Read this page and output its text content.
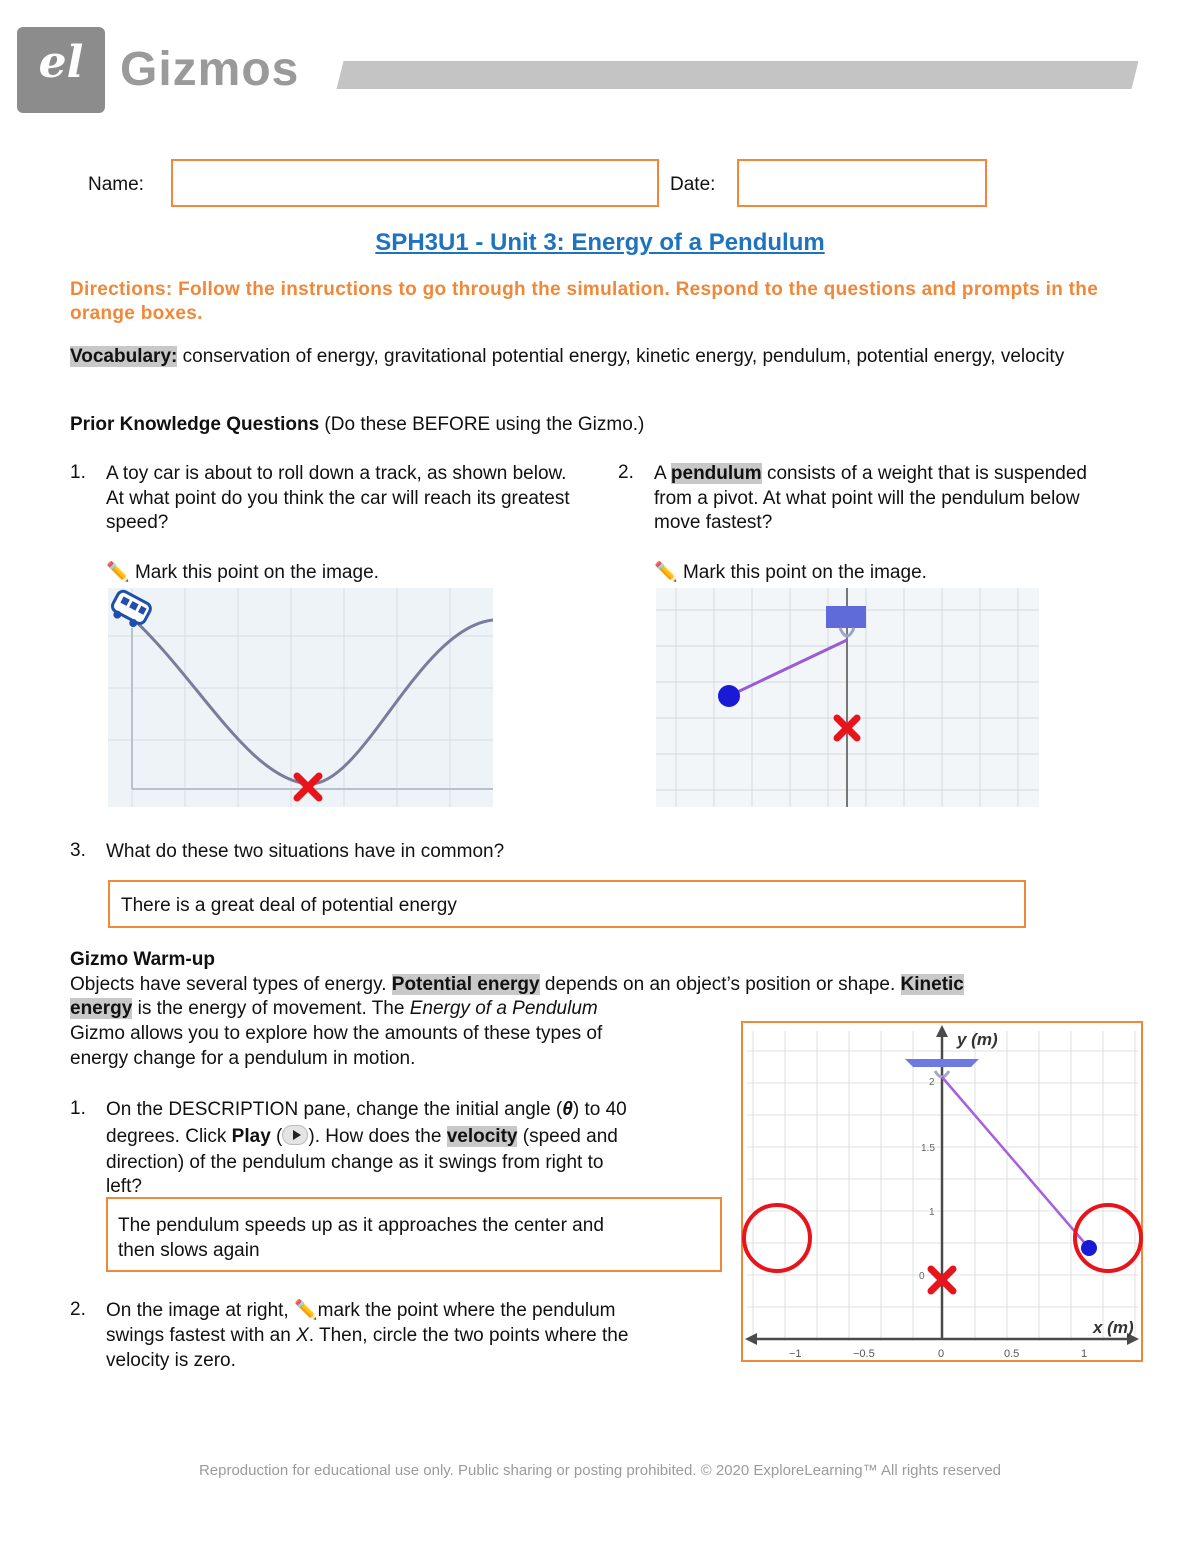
el Gizmos
Name:	Date:
SPH3U1 - Unit 3: Energy of a Pendulum
Directions: Follow the instructions to go through the simulation. Respond to the questions and prompts in the orange boxes.
Vocabulary: conservation of energy, gravitational potential energy, kinetic energy, pendulum, potential energy, velocity
Prior Knowledge Questions (Do these BEFORE using the Gizmo.)
1. A toy car is about to roll down a track, as shown below. At what point do you think the car will reach its greatest speed?
✏️ Mark this point on the image.
2. A pendulum consists of a weight that is suspended from a pivot. At what point will the pendulum below move fastest?
✏️ Mark this point on the image.
3. What do these two situations have in common?
There is a great deal of potential energy
Gizmo Warm-up
Objects have several types of energy. Potential energy depends on an object’s position or shape. Kinetic
energy is the energy of movement. The Energy of a Pendulum
Gizmo allows you to explore how the amounts of these types of
energy change for a pendulum in motion.
1. On the DESCRIPTION pane, change the initial angle (θ) to 40
degrees. Click Play ( ). How does the velocity (speed and
direction) of the pendulum change as it swings from right to
left?
The pendulum speeds up as it approaches the center and
then slows again
2. On the image at right, ✏️mark the point where the pendulum
swings fastest with an X. Then, circle the two points where the
velocity is zero.
y (m)
x (m)
2
1.5
1
0
−1	−0.5	0	0.5	1
Reproduction for educational use only. Public sharing or posting prohibited. © 2020 ExploreLearning™ All rights reserved
